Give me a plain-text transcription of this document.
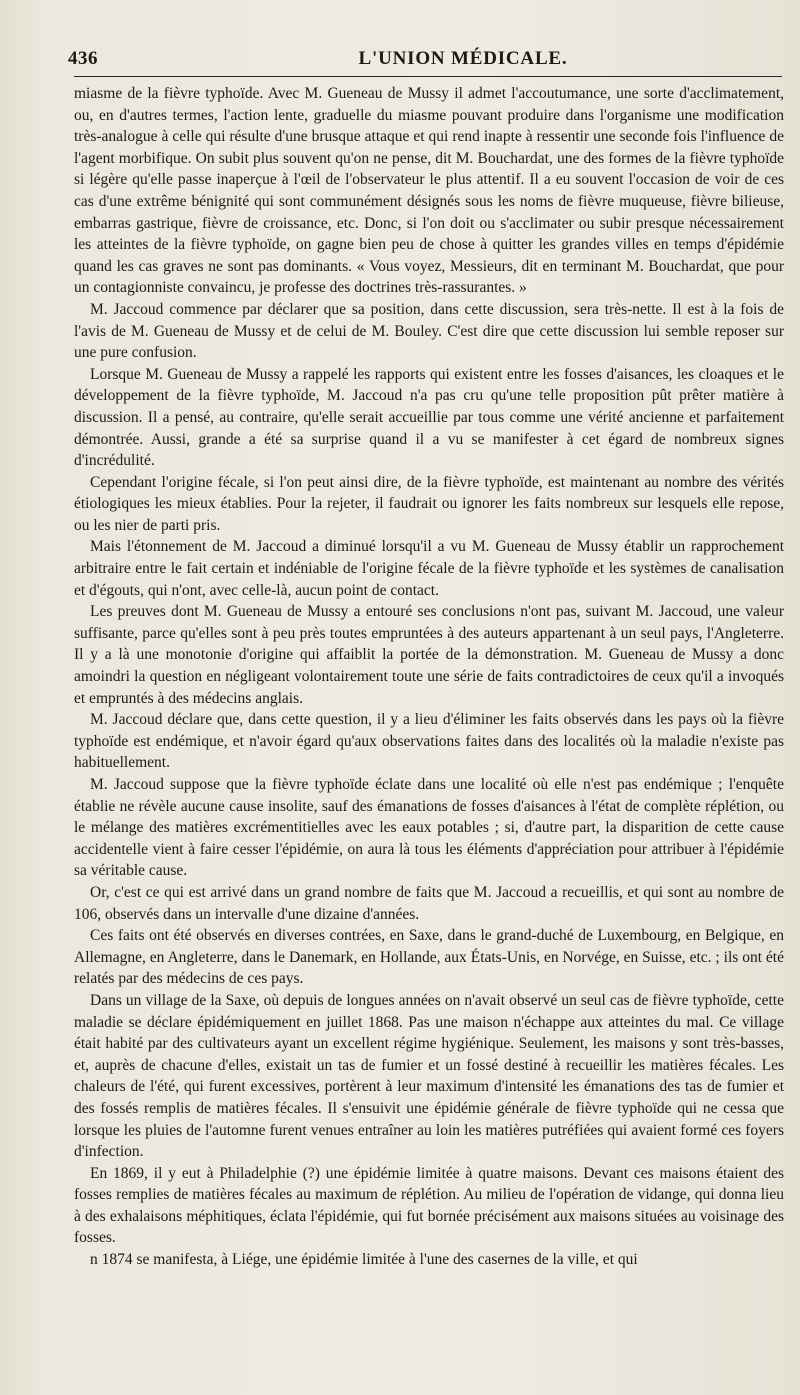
436	L'UNION MÉDICALE.

miasme de la fièvre typhoïde. Avec M. Gueneau de Mussy il admet l'accoutumance, une sorte d'acclimatement, ou, en d'autres termes, l'action lente, graduelle du miasme pouvant produire dans l'organisme une modification très-analogue à celle qui résulte d'une brusque attaque et qui rend inapte à ressentir une seconde fois l'influence de l'agent morbifique. On subit plus souvent qu'on ne pense, dit M. Bouchardat, une des formes de la fièvre typhoïde si légère qu'elle passe inaperçue à l'œil de l'observateur le plus attentif. Il a eu souvent l'occasion de voir de ces cas d'une extrême bénignité qui sont communément désignés sous les noms de fièvre muqueuse, fièvre bilieuse, embarras gastrique, fièvre de croissance, etc. Donc, si l'on doit ou s'acclimater ou subir presque nécessairement les atteintes de la fièvre typhoïde, on gagne bien peu de chose à quitter les grandes villes en temps d'épidémie quand les cas graves ne sont pas dominants. « Vous voyez, Messieurs, dit en terminant M. Bouchardat, que pour un contagionniste convaincu, je professe des doctrines très-rassurantes. »

M. Jaccoud commence par déclarer que sa position, dans cette discussion, sera très-nette. Il est à la fois de l'avis de M. Gueneau de Mussy et de celui de M. Bouley. C'est dire que cette discussion lui semble reposer sur une pure confusion.

Lorsque M. Gueneau de Mussy a rappelé les rapports qui existent entre les fosses d'aisances, les cloaques et le développement de la fièvre typhoïde, M. Jaccoud n'a pas cru qu'une telle proposition pût prêter matière à discussion. Il a pensé, au contraire, qu'elle serait accueillie par tous comme une vérité ancienne et parfaitement démontrée. Aussi, grande a été sa surprise quand il a vu se manifester à cet égard de nombreux signes d'incrédulité.

Cependant l'origine fécale, si l'on peut ainsi dire, de la fièvre typhoïde, est maintenant au nombre des vérités étiologiques les mieux établies. Pour la rejeter, il faudrait ou ignorer les faits nombreux sur lesquels elle repose, ou les nier de parti pris.

Mais l'étonnement de M. Jaccoud a diminué lorsqu'il a vu M. Gueneau de Mussy établir un rapprochement arbitraire entre le fait certain et indéniable de l'origine fécale de la fièvre typhoïde et les systèmes de canalisation et d'égouts, qui n'ont, avec celle-là, aucun point de contact.

Les preuves dont M. Gueneau de Mussy a entouré ses conclusions n'ont pas, suivant M. Jaccoud, une valeur suffisante, parce qu'elles sont à peu près toutes empruntées à des auteurs appartenant à un seul pays, l'Angleterre. Il y a là une monotonie d'origine qui affaiblit la portée de la démonstration. M. Gueneau de Mussy a donc amoindri la question en négligeant volontairement toute une série de faits contradictoires de ceux qu'il a invoqués et empruntés à des médecins anglais.

M. Jaccoud déclare que, dans cette question, il y a lieu d'éliminer les faits observés dans les pays où la fièvre typhoïde est endémique, et n'avoir égard qu'aux observations faites dans des localités où la maladie n'existe pas habituellement.

M. Jaccoud suppose que la fièvre typhoïde éclate dans une localité où elle n'est pas endémique ; l'enquête établie ne révèle aucune cause insolite, sauf des émanations de fosses d'aisances à l'état de complète réplétion, ou le mélange des matières excrémentitielles avec les eaux potables ; si, d'autre part, la disparition de cette cause accidentelle vient à faire cesser l'épidémie, on aura là tous les éléments d'appréciation pour attribuer à l'épidémie sa véritable cause.

Or, c'est ce qui est arrivé dans un grand nombre de faits que M. Jaccoud a recueillis, et qui sont au nombre de 106, observés dans un intervalle d'une dizaine d'années.

Ces faits ont été observés en diverses contrées, en Saxe, dans le grand-duché de Luxembourg, en Belgique, en Allemagne, en Angleterre, dans le Danemark, en Hollande, aux États-Unis, en Norvége, en Suisse, etc. ; ils ont été relatés par des médecins de ces pays.

Dans un village de la Saxe, où depuis de longues années on n'avait observé un seul cas de fièvre typhoïde, cette maladie se déclare épidémiquement en juillet 1868. Pas une maison n'échappe aux atteintes du mal. Ce village était habité par des cultivateurs ayant un excellent régime hygiénique. Seulement, les maisons y sont très-basses, et, auprès de chacune d'elles, existait un tas de fumier et un fossé destiné à recueillir les matières fécales. Les chaleurs de l'été, qui furent excessives, portèrent à leur maximum d'intensité les émanations des tas de fumier et des fossés remplis de matières fécales. Il s'ensuivit une épidémie générale de fièvre typhoïde qui ne cessa que lorsque les pluies de l'automne furent venues entraîner au loin les matières putréfiées qui avaient formé ces foyers d'infection.

En 1869, il y eut à Philadelphie (?) une épidémie limitée à quatre maisons. Devant ces maisons étaient des fosses remplies de matières fécales au maximum de réplétion. Au milieu de l'opération de vidange, qui donna lieu à des exhalaisons méphitiques, éclata l'épidémie, qui fut bornée précisément aux maisons situées au voisinage des fosses.

n 1874 se manifesta, à Liége, une épidémie limitée à l'une des casernes de la ville, et qui
